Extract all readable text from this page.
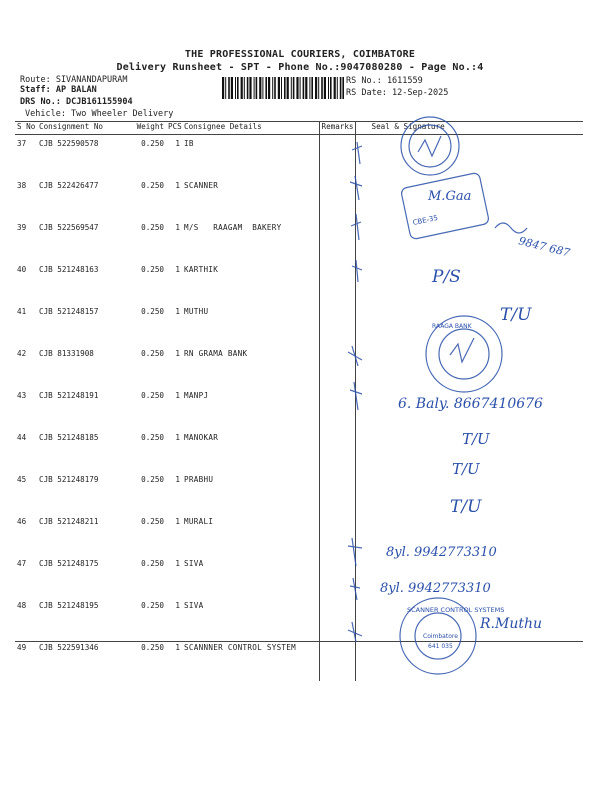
THE PROFESSIONAL COURIERS, COIMBATORE
Delivery Runsheet - SPT - Phone No.:9047080280 - Page No.:4
Route: SIVANANDAPURAM
Staff: AP BALAN
DRS No.: DCJB161155904
Vehicle: Two Wheeler Delivery
RS No.: 1611559
RS Date: 12-Sep-2025
S No	Consignment No	Weight	PCS	Consignee Details	Remarks	Seal & Signature
37	CJB 522590578	0.250	1	IB		
38	CJB 522426477	0.250	1	SCANNER		
39	CJB 522569547	0.250	1	M/S   RAAGAM  BAKERY		
40	CJB 521248163	0.250	1	KARTHIK		
41	CJB 521248157	0.250	1	MUTHU		
42	CJB 81331908	0.250	1	RN GRAMA BANK		
43	CJB 521248191	0.250	1	MANPJ		
44	CJB 521248185	0.250	1	MANOKAR		
45	CJB 521248179	0.250	1	PRABHU		
46	CJB 521248211	0.250	1	MURALI		
47	CJB 521248175	0.250	1	SIVA		
48	CJB 521248195	0.250	1	SIVA		
49	CJB 522591346	0.250	1	SCANNNER CONTROL SYSTEM		
M.Gaa
9847 687
P/S
T/U
6. Baly. 8667410676
T/U
T/U
T/U
8yl. 9942773310
8yl. 9942773310
R.Muthu
CBE-35
RAAGA BANK
SCANNER CONTROL SYSTEMS
Coimbatore
641 035
